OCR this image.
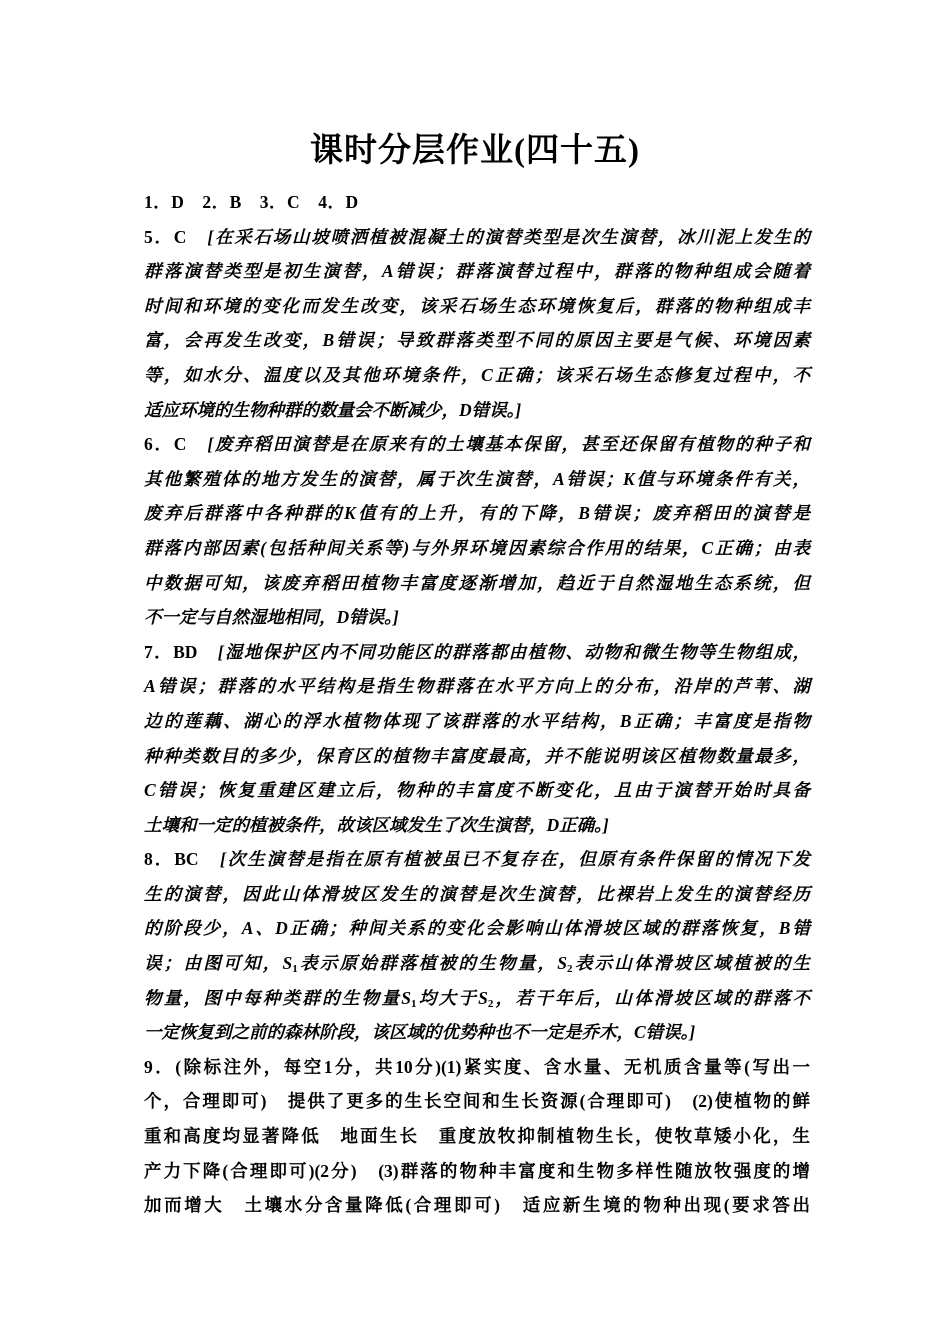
课时分层作业(四十五)
1．D　2．B　3．C　4．D
5．C　 [在采石场山坡喷洒植被混凝土的演替类型是次生演替，冰川泥上发生的
群落演替类型是初生演替，A错误；群落演替过程中，群落的物种组成会随着
时间和环境的变化而发生改变，该采石场生态环境恢复后，群落的物种组成丰
富，会再发生改变，B错误；导致群落类型不同的原因主要是气候、环境因素
等，如水分、温度以及其他环境条件，C正确；该采石场生态修复过程中，不
适应环境的生物种群的数量会不断减少，D错误。]
6．C　 [废弃稻田演替是在原来有的土壤基本保留，甚至还保留有植物的种子和
其他繁殖体的地方发生的演替，属于次生演替，A错误；K值与环境条件有关，
废弃后群落中各种群的K值有的上升，有的下降，B错误；废弃稻田的演替是
群落内部因素(包括种间关系等)与外界环境因素综合作用的结果，C正确；由表
中数据可知，该废弃稻田植物丰富度逐渐增加，趋近于自然湿地生态系统，但
不一定与自然湿地相同，D错误。]
7．BD　 [湿地保护区内不同功能区的群落都由植物、动物和微生物等生物组成，
A错误；群落的水平结构是指生物群落在水平方向上的分布，沿岸的芦苇、湖
边的莲藕、湖心的浮水植物体现了该群落的水平结构，B正确；丰富度是指物
种种类数目的多少，保育区的植物丰富度最高，并不能说明该区植物数量最多，
C错误；恢复重建区建立后，物种的丰富度不断变化，且由于演替开始时具备
土壤和一定的植被条件，故该区域发生了次生演替，D正确。]
8．BC　 [次生演替是指在原有植被虽已不复存在，但原有条件保留的情况下发
生的演替，因此山体滑坡区发生的演替是次生演替，比裸岩上发生的演替经历
的阶段少，A、D正确；种间关系的变化会影响山体滑坡区域的群落恢复，B错
误；由图可知，$S_1$表示原始群落植被的生物量，$S_2$表示山体滑坡区域植被的生
物量，图中每种类群的生物量$S_1$均大于$S_2$，若干年后，山体滑坡区域的群落不
一定恢复到之前的森林阶段，该区域的优势种也不一定是乔木，C错误。]
9．(除标注外，每空1分，共10分)(1)紧实度、含水量、无机质含量等(写出一
个，合理即可)　提供了更多的生长空间和生长资源(合理即可)　(2)使植物的鲜
重和高度均显著降低　地面生长　重度放牧抑制植物生长，使牧草矮小化，生
产力下降(合理即可)(2分)　(3)群落的物种丰富度和生物多样性随放牧强度的增
加而增大　土壤水分含量降低(合理即可)　适应新生境的物种出现(要求答出
